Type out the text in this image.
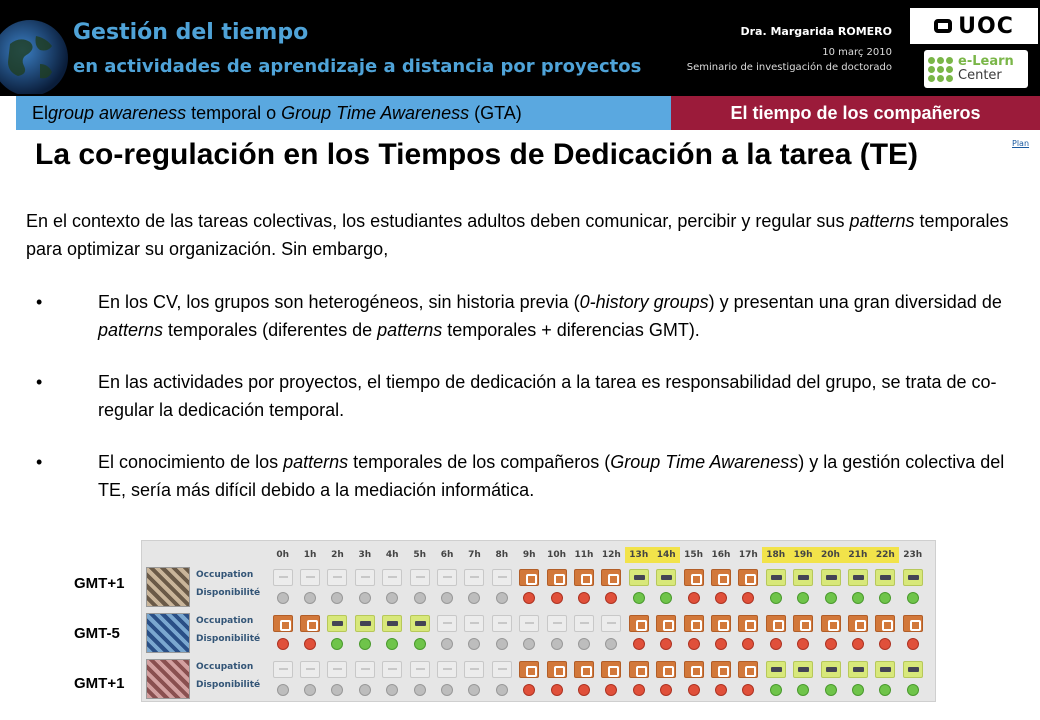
Gestión del tiempo
en actividades de aprendizaje a distancia por proyectos
Dra. Margarida ROMERO
10 març 2010
Seminario de investigación de doctorado
UOC
e-Learn
Center
El group awareness temporal o Group Time Awareness (GTA)	El tiempo de los compañeros
Plan
La co-regulación en los Tiempos de Dedicación a la tarea (TE)

En el contexto de las tareas colectivas, los estudiantes adultos deben comunicar, percibir y regular sus patterns temporales para optimizar su organización. Sin embargo,

• En los CV, los grupos son heterogéneos, sin historia previa (0-history groups) y presentan una gran diversidad de patterns temporales (diferentes de patterns temporales + diferencias GMT).
• En las actividades por proyectos, el tiempo de dedicación a la tarea es responsabilidad del grupo, se trata de co-regular la dedicación temporal.
• El conocimiento de los patterns temporales de los compañeros (Group Time Awareness) y la gestión colectiva del TE, sería más difícil debido a la mediación informática.
GMT+1
GMT-5
GMT+1
0h	1h	2h	3h	4h	5h	6h	7h	8h	9h	10h 11h 12h 13h 14h 15h 16h 17h 18h 19h 20h 21h 22h 23h
Occupation
Disponibilité
Occupation
Disponibilité
Occupation
Disponibilité
